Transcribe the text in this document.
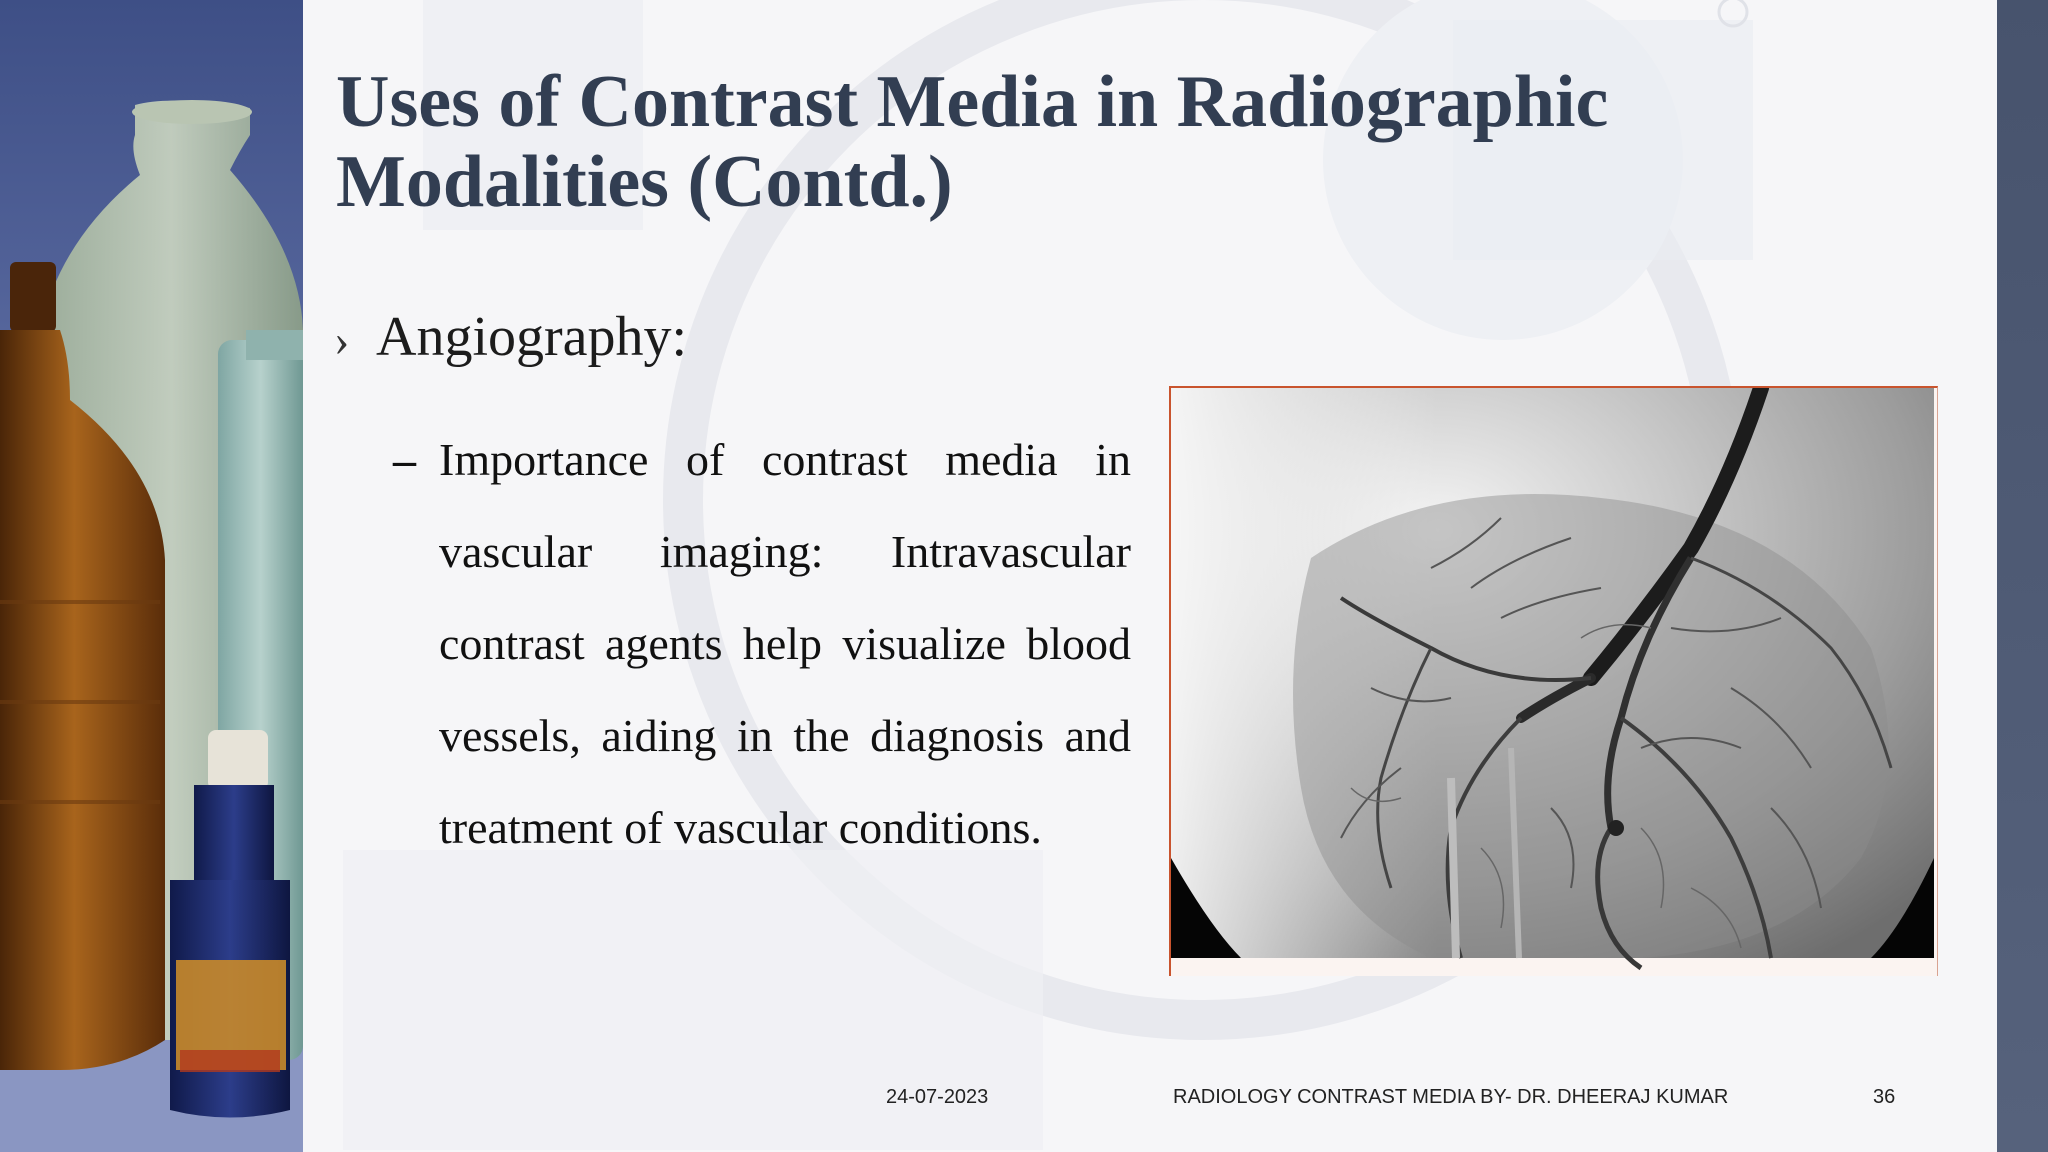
Uses of Contrast Media in Radiographic
Modalities (Contd.)
› Angiography:
– Importance of contrast media in vascular imaging: Intravascular contrast agents help visualize blood vessels, aiding in the diagnosis and treatment of vascular conditions.
24-07-2023	RADIOLOGY CONTRAST MEDIA BY- DR. DHEERAJ KUMAR	36
